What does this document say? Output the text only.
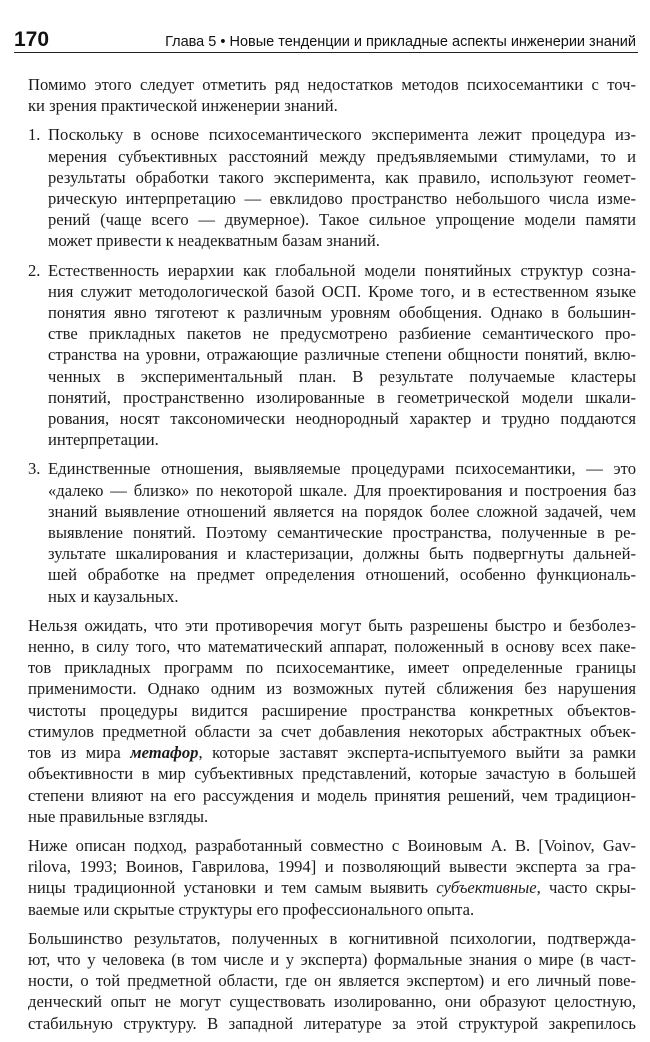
170	Глава 5 • Новые тенденции и прикладные аспекты инженерии знаний
Помимо этого следует отметить ряд недостатков методов психосемантики с точ-
ки зрения практической инженерии знаний.
1. Поскольку в основе психосемантического эксперимента лежит процедура из-
мерения субъективных расстояний между предъявляемыми стимулами, то и
результаты обработки такого эксперимента, как правило, используют геомет-
рическую интерпретацию — евклидово пространство небольшого числа изме-
рений (чаще всего — двумерное). Такое сильное упрощение модели памяти
может привести к неадекватным базам знаний.
2. Естественность иерархии как глобальной модели понятийных структур созна-
ния служит методологической базой ОСП. Кроме того, и в естественном языке
понятия явно тяготеют к различным уровням обобщения. Однако в большин-
стве прикладных пакетов не предусмотрено разбиение семантического про-
странства на уровни, отражающие различные степени общности понятий, вклю-
ченных в экспериментальный план. В результате получаемые кластеры
понятий, пространственно изолированные в геометрической модели шкали-
рования, носят таксономически неоднородный характер и трудно поддаются
интерпретации.
3. Единственные отношения, выявляемые процедурами психосемантики, — это
«далеко — близко» по некоторой шкале. Для проектирования и построения баз
знаний выявление отношений является на порядок более сложной задачей, чем
выявление понятий. Поэтому семантические пространства, полученные в ре-
зультате шкалирования и кластеризации, должны быть подвергнуты дальней-
шей обработке на предмет определения отношений, особенно функциональ-
ных и каузальных.
Нельзя ожидать, что эти противоречия могут быть разрешены быстро и безболез-
ненно, в силу того, что математический аппарат, положенный в основу всех паке-
тов прикладных программ по психосемантике, имеет определенные границы
применимости. Однако одним из возможных путей сближения без нарушения
чистоты процедуры видится расширение пространства конкретных объектов-
стимулов предметной области за счет добавления некоторых абстрактных объек-
тов из мира метафор, которые заставят эксперта-испытуемого выйти за рамки
объективности в мир субъективных представлений, которые зачастую в большей
степени влияют на его рассуждения и модель принятия решений, чем традицион-
ные правильные взгляды.
Ниже описан подход, разработанный совместно с Воиновым А. В. [Voinov, Gav-
rilova, 1993; Воинов, Гаврилова, 1994] и позволяющий вывести эксперта за гра-
ницы традиционной установки и тем самым выявить субъективные, часто скры-
ваемые или скрытые структуры его профессионального опыта.
Большинство результатов, полученных в когнитивной психологии, подтвержда-
ют, что у человека (в том числе и у эксперта) формальные знания о мире (в част-
ности, о той предметной области, где он является экспертом) и его личный пове-
денческий опыт не могут существовать изолированно, они образуют целостную,
стабильную структуру. В западной литературе за этой структурой закрепилось
